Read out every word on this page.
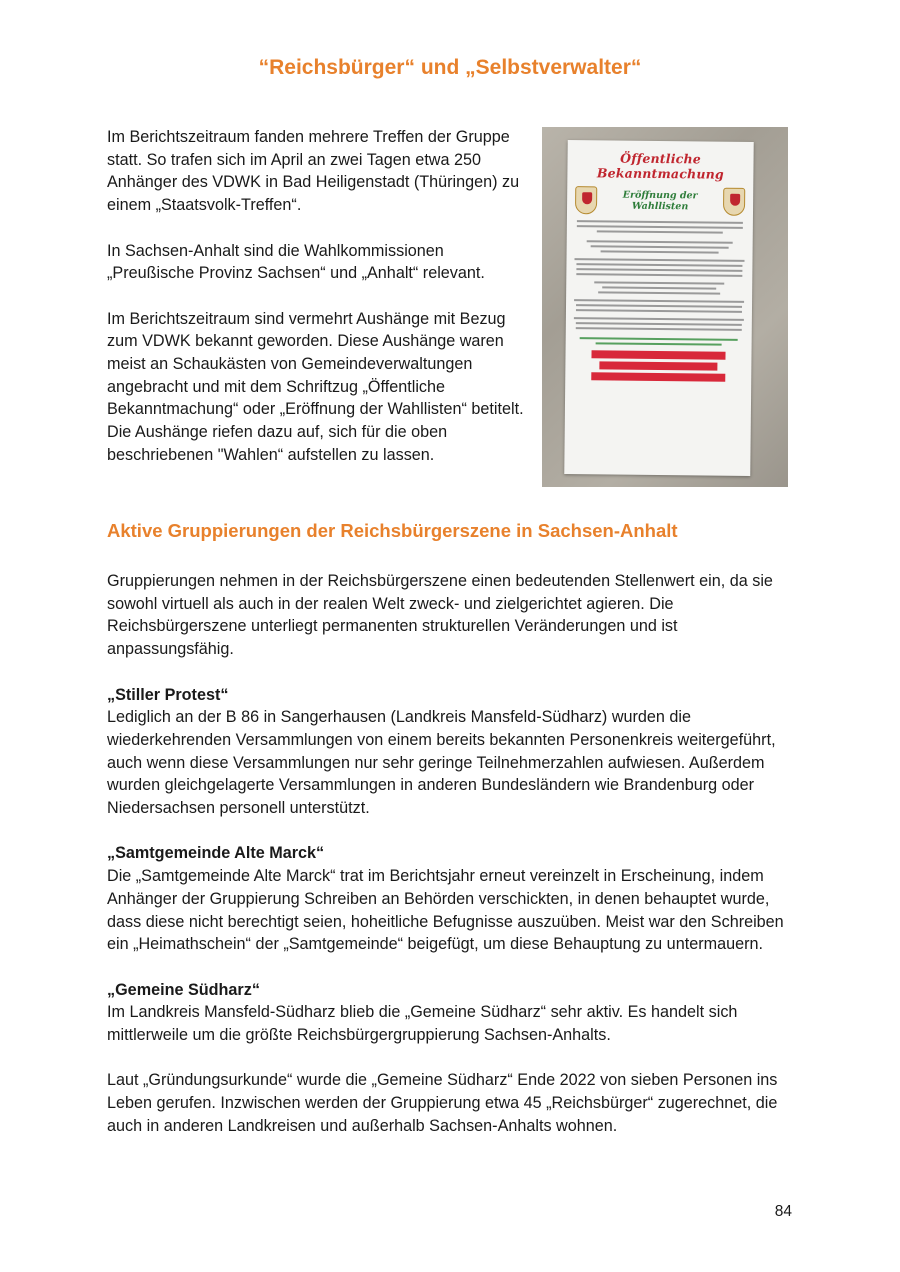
“Reichsbürger“ und „Selbstverwalter“

Im Berichtszeitraum fanden mehrere Treffen der Gruppe statt. So trafen sich im April an zwei Tagen etwa 250 Anhänger des VDWK in Bad Heiligenstadt (Thüringen) zu einem „Staatsvolk-Treffen“.

In Sachsen-Anhalt sind die Wahlkommissionen „Preußische Provinz Sachsen“ und „Anhalt“ relevant.

Im Berichtszeitraum sind vermehrt Aushänge mit Bezug zum VDWK bekannt geworden. Diese Aushänge waren meist an Schaukästen von Gemeindeverwaltungen angebracht und mit dem Schriftzug „Öffentliche Bekanntmachung“ oder „Eröffnung der Wahllisten“ betitelt. Die Aushänge riefen dazu auf, sich für die oben beschriebenen "Wahlen“ aufstellen zu lassen.

Öffentliche Bekanntmachung
Eröffnung der Wahllisten
Aktive Gruppierungen der Reichsbürgerszene in Sachsen-Anhalt

Gruppierungen nehmen in der Reichsbürgerszene einen bedeutenden Stellenwert ein, da sie sowohl virtuell als auch in der realen Welt zweck- und zielgerichtet agieren. Die Reichsbürgerszene unterliegt permanenten strukturellen Veränderungen und ist anpassungsfähig.

„Stiller Protest“

Lediglich an der B 86 in Sangerhausen (Landkreis Mansfeld-Südharz) wurden die wiederkehrenden Versammlungen von einem bereits bekannten Personenkreis weitergeführt, auch wenn diese Versammlungen nur sehr geringe Teilnehmerzahlen aufwiesen. Außerdem wurden gleichgelagerte Versammlungen in anderen Bundesländern wie Brandenburg oder Niedersachsen personell unterstützt.

„Samtgemeinde Alte Marck“

Die „Samtgemeinde Alte Marck“ trat im Berichtsjahr erneut vereinzelt in Erscheinung, indem Anhänger der Gruppierung Schreiben an Behörden verschickten, in denen behauptet wurde, dass diese nicht berechtigt seien, hoheitliche Befugnisse auszuüben. Meist war den Schreiben ein „Heimathschein“ der „Samtgemeinde“ beigefügt, um diese Behauptung zu untermauern.

„Gemeine Südharz“

Im Landkreis Mansfeld-Südharz blieb die „Gemeine Südharz“ sehr aktiv. Es handelt sich mittlerweile um die größte Reichsbürgergruppierung Sachsen-Anhalts.

Laut „Gründungsurkunde“ wurde die „Gemeine Südharz“ Ende 2022 von sieben Personen ins Leben gerufen. Inzwischen werden der Gruppierung etwa 45 „Reichsbürger“ zugerechnet, die auch in anderen Landkreisen und außerhalb Sachsen-Anhalts wohnen.

84
